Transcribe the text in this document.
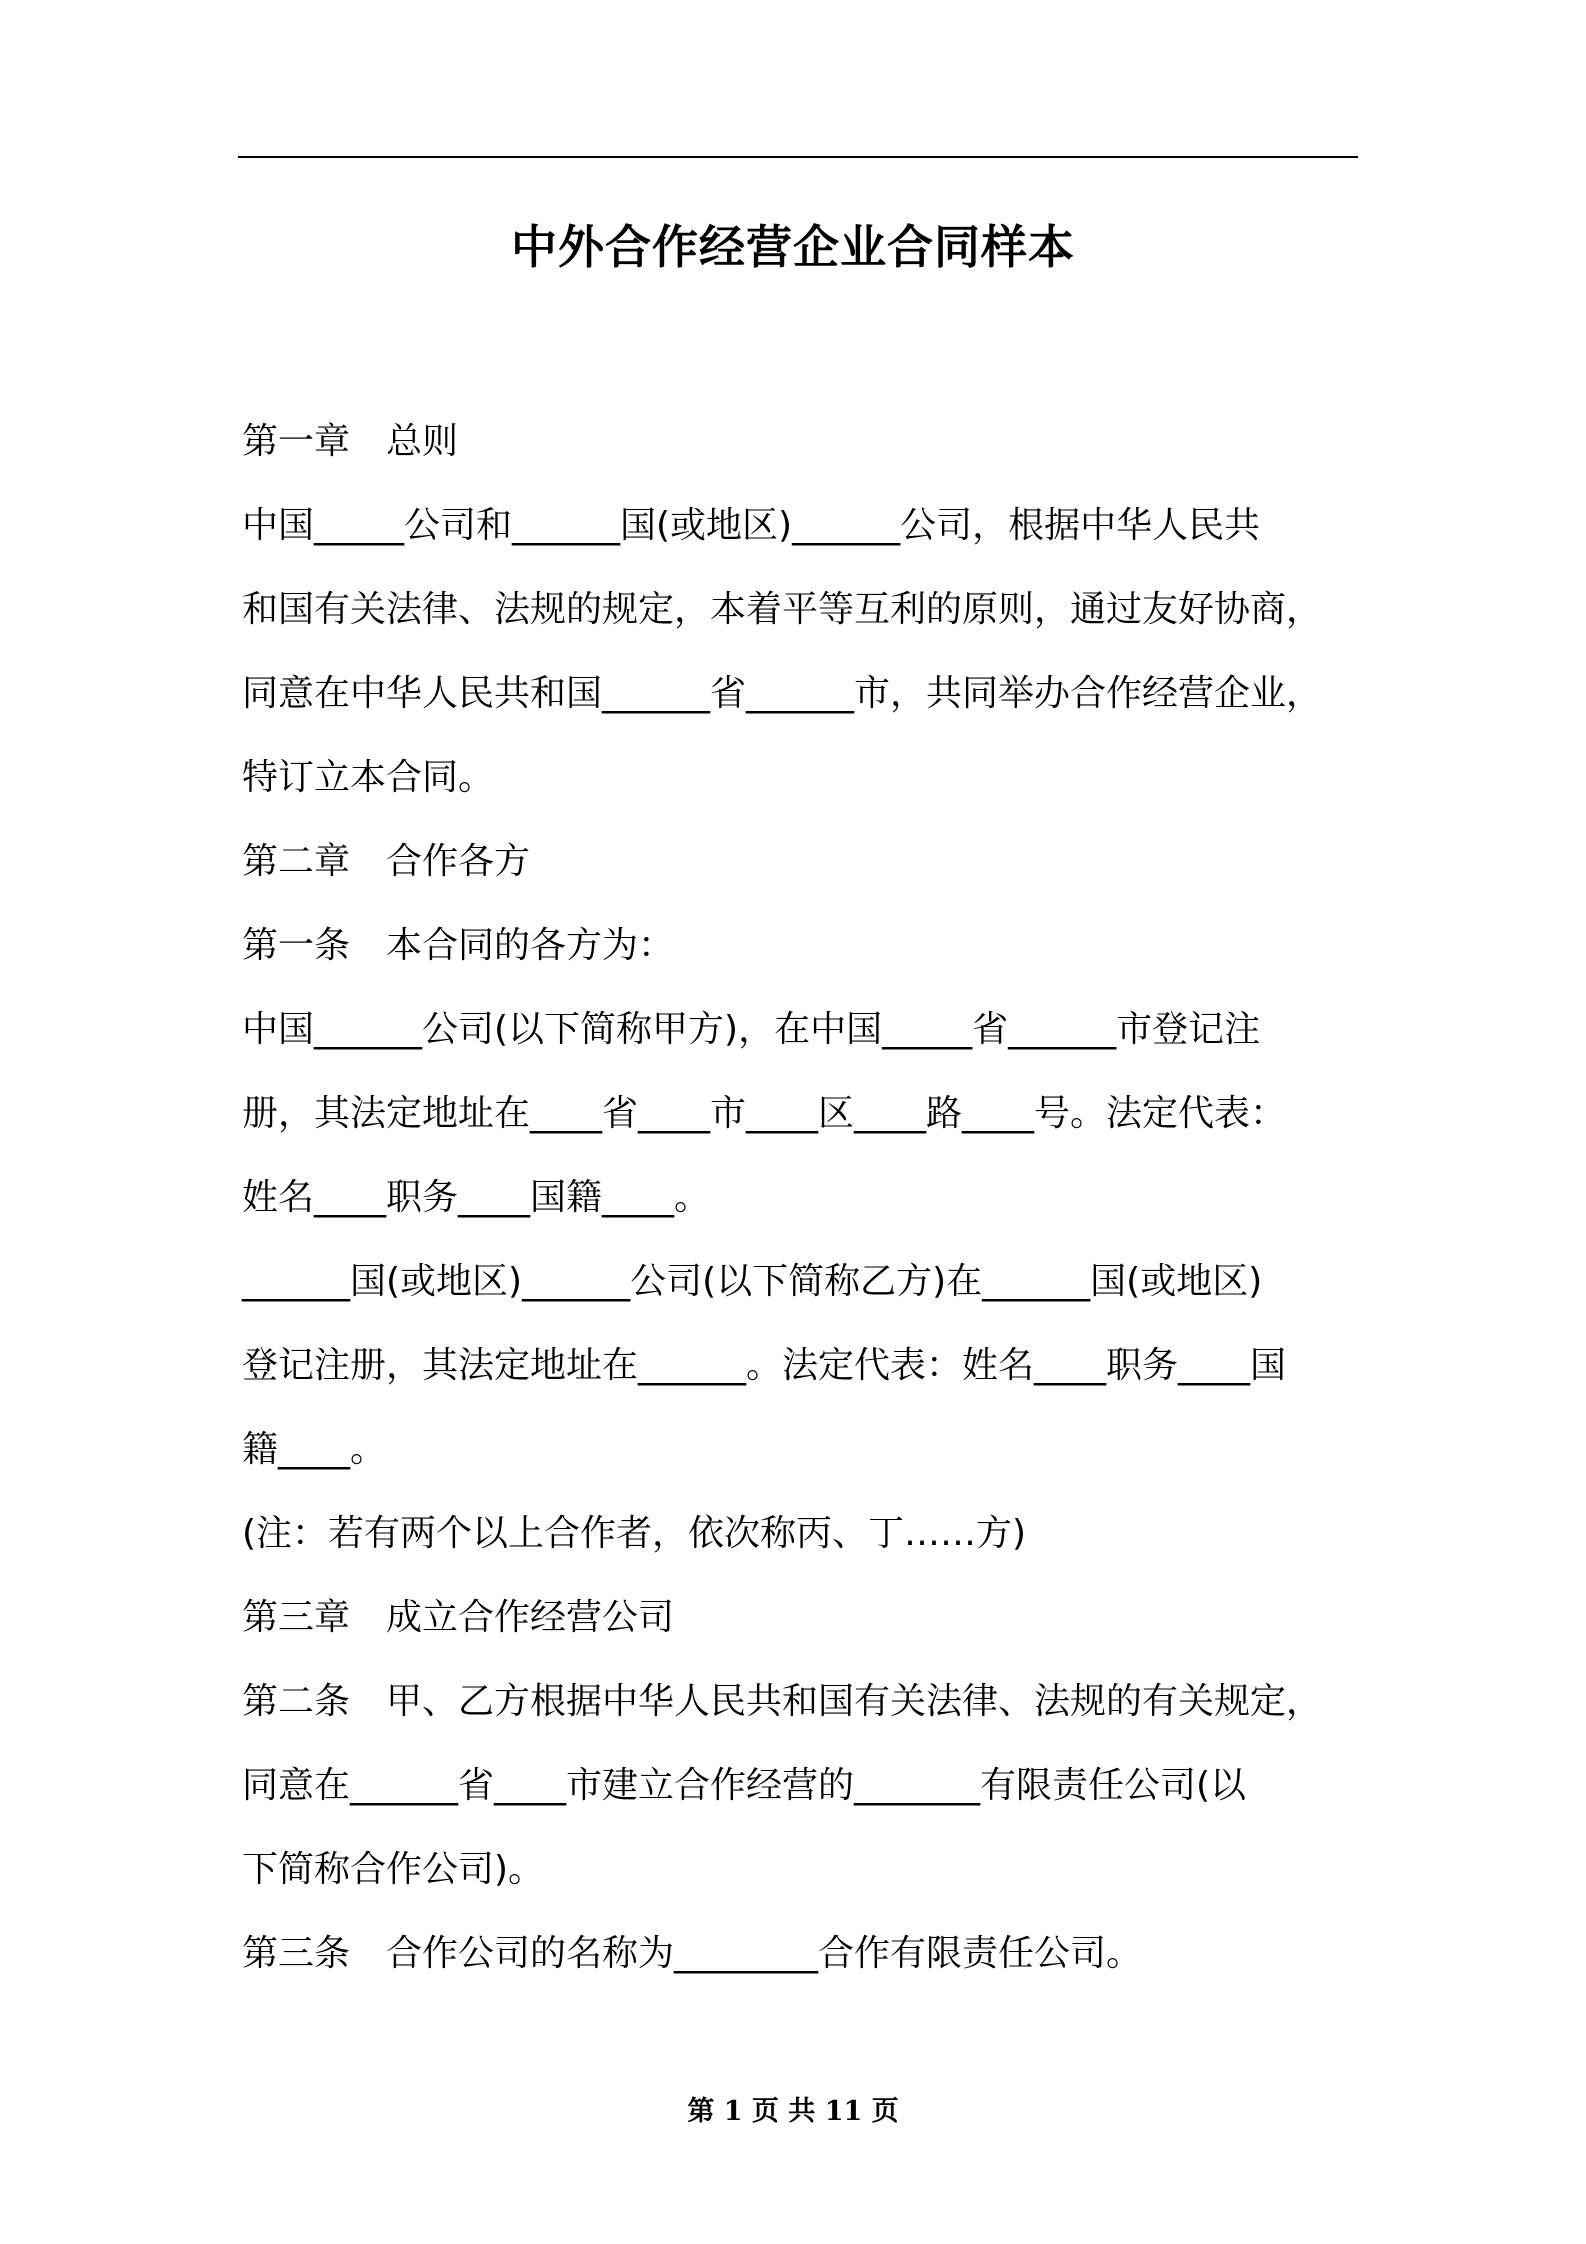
中外合作经营企业合同样本
第一章　总则
中国_____公司和______国(或地区)______公司，根据中华人民共
和国有关法律、法规的规定，本着平等互利的原则，通过友好协商，
同意在中华人民共和国______省______市，共同举办合作经营企业，
特订立本合同。
第二章　合作各方
第一条　本合同的各方为：
中国______公司(以下简称甲方)，在中国_____省______市登记注
册，其法定地址在____省____市____区____路____号。法定代表：
姓名____职务____国籍____。
______国(或地区)______公司(以下简称乙方)在______国(或地区)
登记注册，其法定地址在______。法定代表：姓名____职务____国
籍____。
(注：若有两个以上合作者，依次称丙、丁……方)
第三章　成立合作经营公司
第二条　甲、乙方根据中华人民共和国有关法律、法规的有关规定，
同意在______省____市建立合作经营的_______有限责任公司(以
下简称合作公司)。
第三条　合作公司的名称为________合作有限责任公司。
第 1 页 共 11 页
